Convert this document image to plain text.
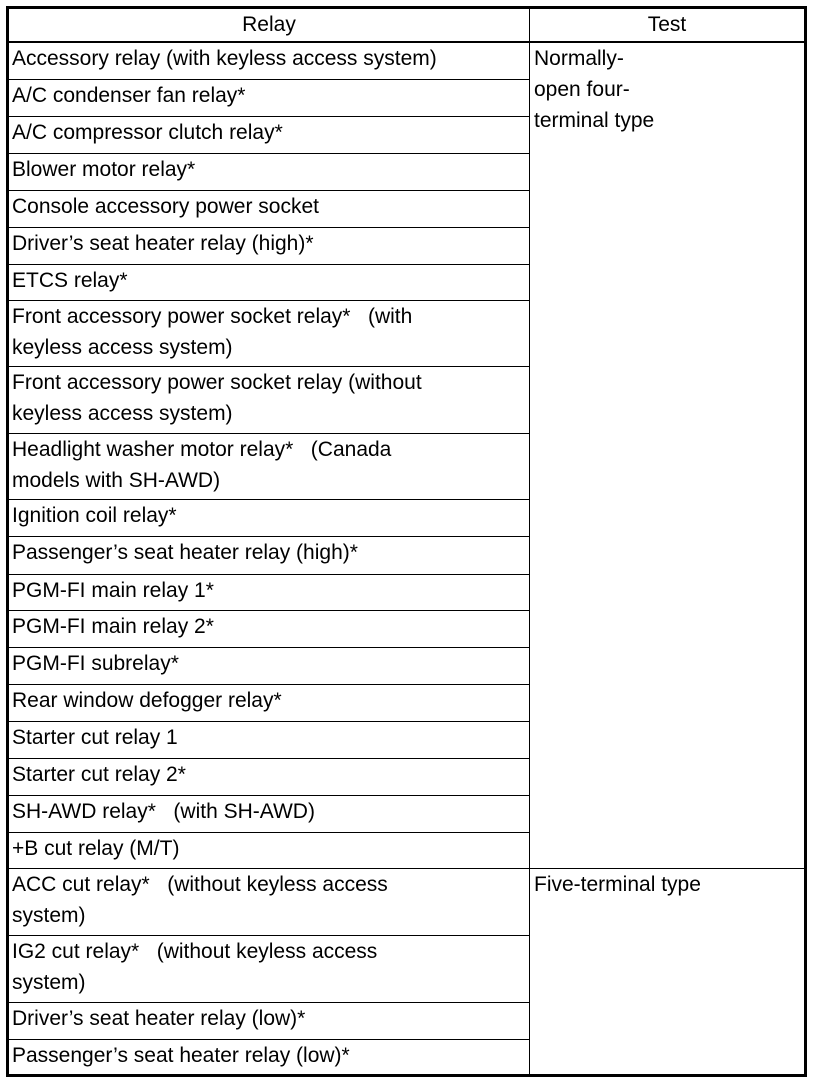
Relay	Test

Accessory relay (with keyless access system)	Normally-
open four-
terminal type

A/C condenser fan relay*	

A/C compressor clutch relay*	

Blower motor relay*	

Console accessory power socket	

Driver’s seat heater relay (high)*	

ETCS relay*	

Front accessory power socket relay*   (with
keyless access system)	

Front accessory power socket relay (without
keyless access system)	

Headlight washer motor relay*   (Canada
models with SH-AWD)	

Ignition coil relay*	

Passenger’s seat heater relay (high)*	

PGM-FI main relay 1*	

PGM-FI main relay 2*	

PGM-FI subrelay*	

Rear window defogger relay*	

Starter cut relay 1	

Starter cut relay 2*	

SH-AWD relay*   (with SH-AWD)	

+B cut relay (M/T)	

ACC cut relay*   (without keyless access
system)	Five-terminal type

IG2 cut relay*   (without keyless access
system)	

Driver’s seat heater relay (low)*	

Passenger’s seat heater relay (low)*	
